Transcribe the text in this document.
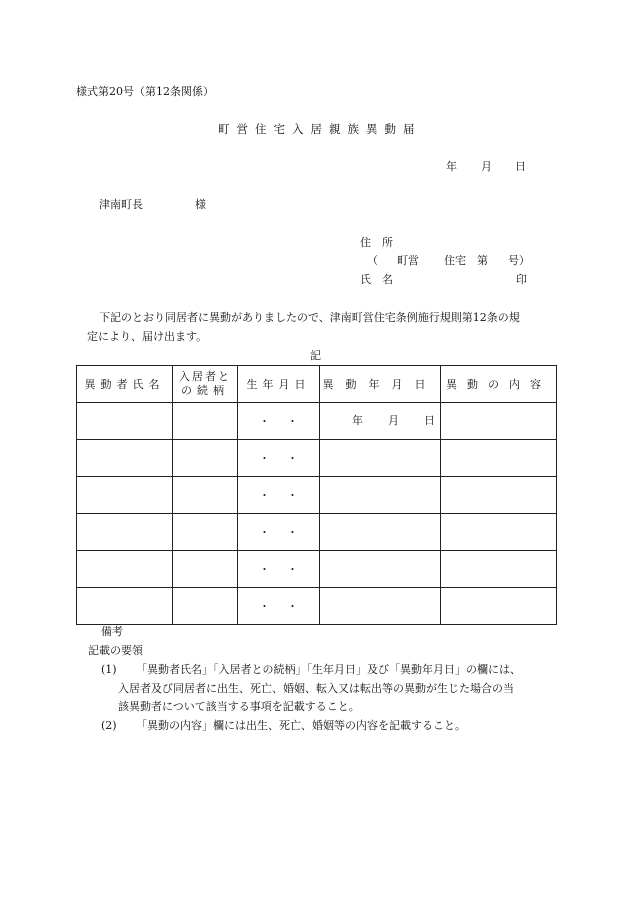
様式第20号（第12条関係）
町営住宅入居親族異動届
年 月 日
津南町長	様
住　所
（ 町営 住宅　第 号）
氏　名	印
下記のとおり同居者に異動がありましたので、津南町営住宅条例施行規則第12条の規
定により、届け出ます。
記
異動者氏名	入居者と
の続柄	生年月日	異動年月日	異動の内容
		・ ・	年 月 日	

		・ ・		
		・ ・		
		・ ・		
		・ ・		
		・ ・		
備考
記載の要領
(1) 「異動者氏名」「入居者との続柄」「生年月日」及び「異動年月日」の欄には、
入居者及び同居者に出生、死亡、婚姻、転入又は転出等の異動が生じた場合の当
該異動者について該当する事項を記載すること。
(2) 「異動の内容」欄には出生、死亡、婚姻等の内容を記載すること。
